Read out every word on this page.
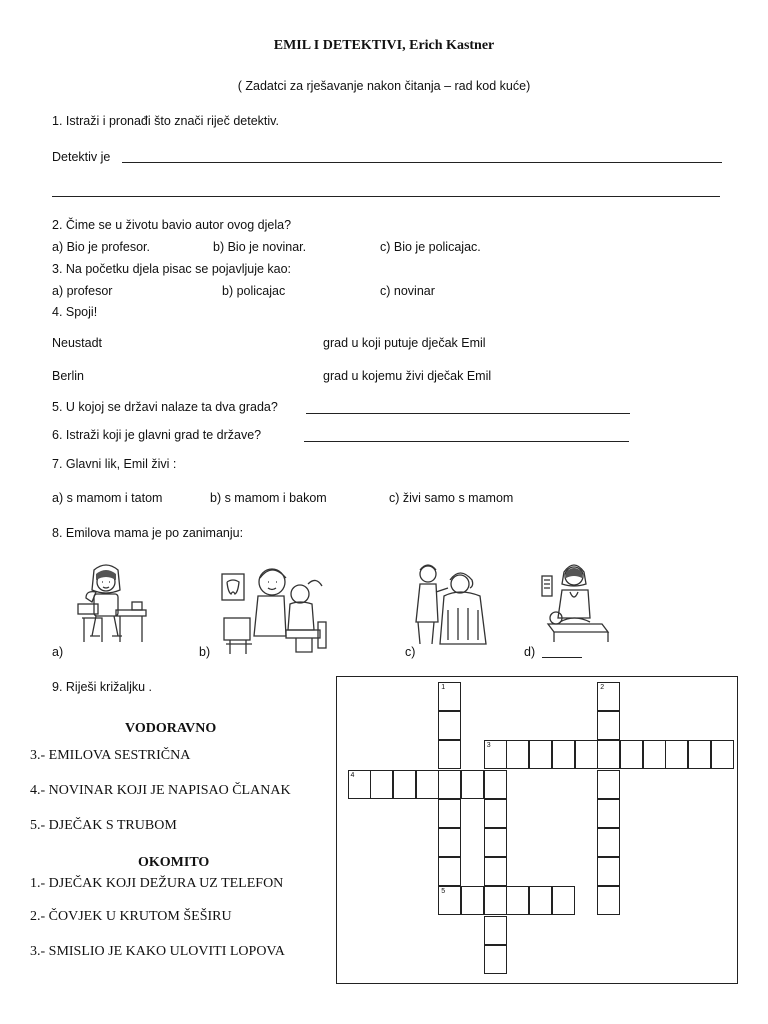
EMIL I DETEKTIVI, Erich Kastner
( Zadatci za rješavanje nakon čitanja – rad kod kuće)
1. Istraži i pronađi što znači riječ detektiv.
Detektiv je
2. Čime se u životu bavio autor ovog djela?
a) Bio je profesor.	b) Bio je novinar.	c) Bio je policajac.
3. Na početku djela pisac se pojavljuje kao:
a) profesor	b) policajac	c) novinar
4. Spoji!
Neustadt	grad u koji putuje dječak Emil
Berlin	grad u kojemu živi dječak Emil
5. U kojoj se državi nalaze ta dva grada?
6. Istraži koji je glavni grad te države?
7. Glavni lik, Emil živi :
a) s mamom i tatom	b) s mamom i bakom	c) živi samo s mamom
8. Emilova mama je po zanimanju:
a)	b)	c)	d)
9. Riješi križaljku .
VODORAVNO
3.- EMILOVA SESTRIČNA
4.- NOVINAR KOJI JE NAPISAO ČLANAK
5.- DJEČAK S TRUBOM
OKOMITO
1.- DJEČAK KOJI DEŽURA UZ TELEFON
2.- ČOVJEK U KRUTOM ŠEŠIRU
3.- SMISLIO JE KAKO ULOVITI LOPOVA
1
5
2
3
4
